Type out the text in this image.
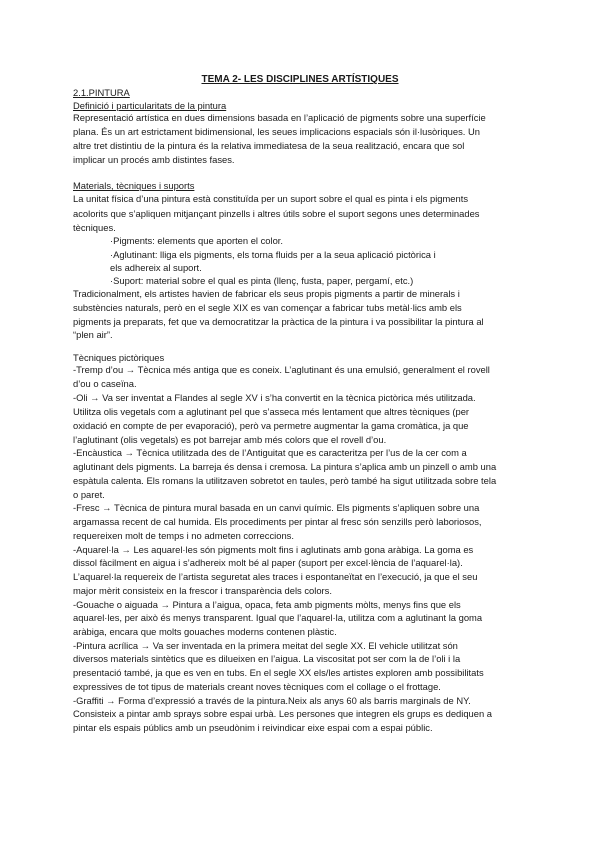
TEMA 2- LES DISCIPLINES ARTÍSTIQUES
2.1.PINTURA
Definició i particularitats de la pintura
Representació artística en dues dimensions basada en l’aplicació de pigments sobre una superfície
plana. És un art estrictament bidimensional, les seues implicacions espacials són il·lusòriques. Un
altre tret distintiu de la pintura és la relativa immediatesa de la seua realització, encara que sol
implicar un procés amb distintes fases.
Materials, tècniques i suports
La unitat física d’una pintura està constituïda per un suport sobre el qual es pinta i els pigments
acolorits que s’apliquen mitjançant pinzells i altres útils sobre el suport segons unes determinades
tècniques.
·Pigments: elements que aporten el color.
·Aglutinant: lliga els pigments, els torna fluids per a la seua aplicació pictòrica i
els adhereix al suport.
·Suport: material sobre el qual es pinta (llenç, fusta, paper, pergamí, etc.)
Tradicionalment, els artistes havien de fabricar els seus propis pigments a partir de minerals i
substències naturals, però en el segle XIX es van començar a fabricar tubs metàl·lics amb els
pigments ja preparats, fet que va democratitzar la pràctica de la pintura i va possibilitar la pintura al
“plen air”.
Tècniques pictòriques
-Tremp d’ou → Tècnica més antiga que es coneix. L’aglutinant és una emulsió, generalment el rovell
d’ou o caseïna.
-Oli → Va ser inventat a Flandes al segle XV i s’ha convertit en la tècnica pictòrica més utilitzada.
Utilitza olis vegetals com a aglutinant pel que s’asseca més lentament que altres tècniques (per
oxidació en compte de per evaporació), però va permetre augmentar la gama cromàtica, ja que
l’aglutinant (olis vegetals) es pot barrejar amb més colors que el rovell d’ou.
-Encàustica → Tècnica utilitzada des de l’Antiguitat que es caracteritza per l’us de la cer com a
aglutinant dels pigments. La barreja és densa i cremosa. La pintura s’aplica amb un pinzell o amb una
espàtula calenta. Els romans la utilitzaven sobretot en taules, però també ha sigut utilitzada sobre tela
o paret.
-Fresc → Tècnica de pintura mural basada en un canvi químic. Els pigments s’apliquen sobre una
argamassa recent de cal humida. Els procediments per pintar al fresc són senzills però laboriosos,
requereixen molt de temps i no admeten correccions.
-Aquarel·la → Les aquarel·les són pigments molt fins i aglutinats amb gona aràbiga. La goma es
dissol fàcilment en aigua i s’adhereix molt bé al paper (suport per excel·lència de l’aquarel·la).
L’aquarel·la requereix de l’artista seguretat ales traces i espontaneïtat en l’execució, ja que el seu
major mèrit consisteix en la frescor i transparència dels colors.
-Gouache o aiguada → Pintura a l’aigua, opaca, feta amb pigments mòlts, menys fins que els
aquarel·les, per això és menys transparent. Igual que l’aquarel·la, utilitza com a aglutinant la goma
aràbiga, encara que molts gouaches moderns contenen plàstic.
-Pintura acrílica → Va ser inventada en la primera meitat del segle XX. El vehicle utilitzat són
diversos materials sintètics que es dilueixen en l’aigua. La viscositat pot ser com la de l’oli i la
presentació també, ja que es ven en tubs. En el segle XX els/les artistes exploren amb possibilitats
expressives de tot tipus de materials creant noves tècniques com el collage o el frottage.
-Graffiti → Forma d’expressió a través de la pintura.Neix als anys 60 als barris marginals de NY.
Consisteix a pintar amb sprays sobre espai urbà. Les persones que integren els grups es dediquen a
pintar els espais públics amb un pseudònim i reivindicar eixe espai com a espai públic.
